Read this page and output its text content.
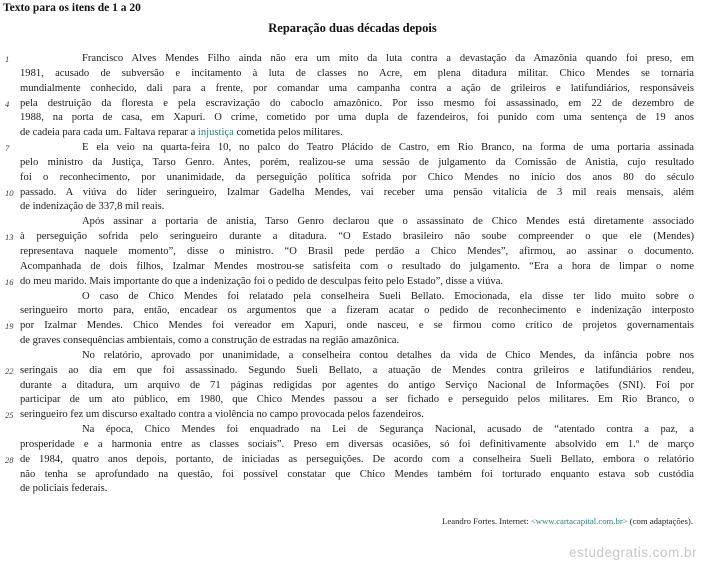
Texto para os itens de 1 a 20
Reparação duas décadas depois
1	Francisco Alves Mendes Filho ainda não era um mito da luta contra a devastação da Amazônia quando foi preso, em
1981, acusado de subversão e incitamento à luta de classes no Acre, em plena ditadura militar. Chico Mendes se tornaria
mundialmente conhecido, dali para a frente, por comandar uma campanha contra a ação de grileiros e latifundiários, responsáveis
4 pela destruição da floresta e pela escravização do caboclo amazônico. Por isso mesmo foi assassinado, em 22 de dezembro de
1988, na porta de casa, em Xapuri. O crime, cometido por uma dupla de fazendeiros, foi punido com uma sentença de 19 anos
de cadeia para cada um. Faltava reparar a injustiça cometida pelos militares.
7	E ela veio na quarta-feira 10, no palco do Teatro Plácido de Castro, em Rio Branco, na forma de uma portaria assinada
pelo ministro da Justiça, Tarso Genro. Antes, porém, realizou-se uma sessão de julgamento da Comissão de Anistia, cujo resultado
foi o reconhecimento, por unanimidade, da perseguição política sofrida por Chico Mendes no início dos anos 80 do século
10 passado. A viúva do líder seringueiro, Izalmar Gadelha Mendes, vai receber uma pensão vitalícia de 3 mil reais mensais, além
de indenização de 337,8 mil reais.
Após assinar a portaria de anistia, Tarso Genro declarou que o assassinato de Chico Mendes está diretamente associado
13 à perseguição sofrida pelo seringueiro durante a ditadura. “O Estado brasileiro não soube compreender o que ele (Mendes)
representava naquele momento”, disse o ministro. “O Brasil pede perdão a Chico Mendes”, afirmou, ao assinar o documento.
Acompanhada de dois filhos, Izalmar Mendes mostrou-se satisfeita com o resultado do julgamento. “Era a hora de limpar o nome
16 do meu marido. Mais importante do que a indenização foi o pedido de desculpas feito pelo Estado”, disse a viúva.
O caso de Chico Mendes foi relatado pela conselheira Sueli Bellato. Emocionada, ela disse ter lido muito sobre o
seringueiro morto para, então, encadear os argumentos que a fizeram acatar o pedido de reconhecimento e indenização interposto
19 por Izalmar Mendes. Chico Mendes foi vereador em Xapuri, onde nasceu, e se firmou como crítico de projetos governamentais
de graves consequências ambientais, como a construção de estradas na região amazônica.
No relatório, aprovado por unanimidade, a conselheira contou detalhes da vida de Chico Mendes, da infância pobre nos
22 seringais ao dia em que foi assassinado. Segundo Sueli Bellato, a atuação de Mendes contra grileiros e latifundiários rendeu,
durante a ditadura, um arquivo de 71 páginas redigidas por agentes do antigo Serviço Nacional de Informações (SNI). Foi por
participar de um ato público, em 1980, que Chico Mendes passou a ser fichado e perseguido pelos militares. Em Rio Branco, o
25 seringueiro fez um discurso exaltado contra a violência no campo provocada pelos fazendeiros.
Na época, Chico Mendes foi enquadrado na Lei de Segurança Nacional, acusado de “atentado contra a paz, a
prosperidade e a harmonia entre as classes sociais”. Preso em diversas ocasiões, só foi definitivamente absolvido em 1.º de março
28 de 1984, quatro anos depois, portanto, de iniciadas as perseguições. De acordo com a conselheira Sueli Bellato, embora o relatório
não tenha se aprofundado na questão, foi possível constatar que Chico Mendes também foi torturado enquanto estava sob custódia
de policiais federais.
Leandro Fortes. Internet: <www.cartacapital.com.br> (com adaptações).
estudegratis.com.br
